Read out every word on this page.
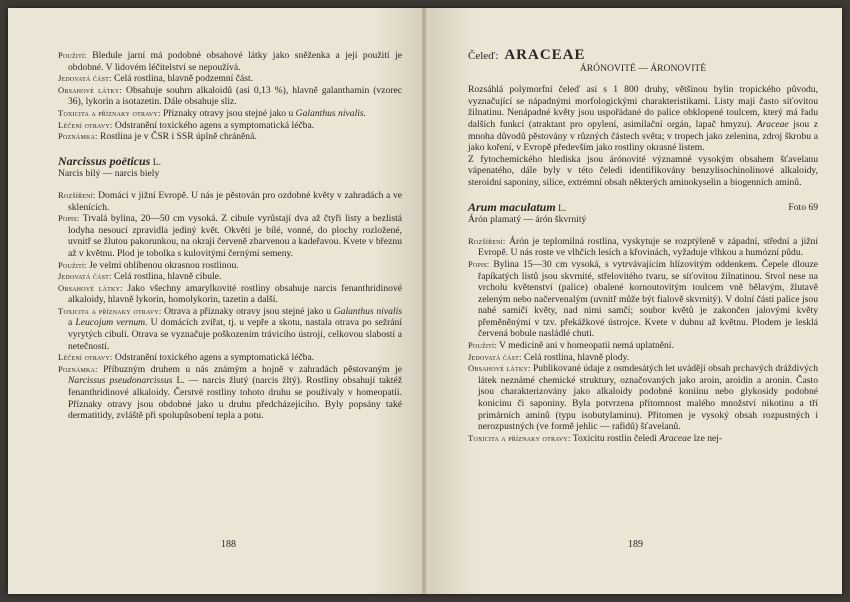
Použití: Bledule jarní má podobné obsahové látky jako sněženka a její použití je obdobné. V lidovém léčitelství se nepoužívá.

Jedovatá část: Celá rostlina, hlavně podzemní část.

Obsahové látky: Obsahuje souhrn alkaloidů (asi 0,13 %), hlavně galanthamin (vzorec 36), lykorin a isotazetin. Dále obsahuje sliz.

Toxicita a příznaky otravy: Příznaky otravy jsou stejné jako u Galanthus nivalis.

Léčení otravy: Odstranění toxického agens a symptomatická léčba.

Poznámka: Rostlina je v ČSR i SSR úplně chráněná.

Narcissus poëticus L.

Narcis bílý — narcis biely

Rozšíření: Domácí v jižní Evropě. U nás je pěstován pro ozdobné květy v zahradách a ve sklenících.

Popis: Trvalá bylina, 20—50 cm vysoká. Z cibule vyrůstají dva až čtyři listy a bezlistá lodyha nesoucí zpravidla jediný květ. Okvětí je bílé, vonné, do plochy rozložené, uvnitř se žlutou pakorunkou, na okraji červeně zbarvenou a kadeřavou. Kvete v březnu až v květnu. Plod je tobolka s kulovitými černými semeny.

Použití: Je velmi oblíbenou okrasnou rostlinou.

Jedovatá část: Celá rostlina, hlavně cibule.

Obsahové látky: Jako všechny amarylkovité rostliny obsahuje narcis fenanthridinové alkaloidy, hlavně lykorin, homolykorin, tazetin a další.

Toxicita a příznaky otravy: Otrava a příznaky otravy jsou stejné jako u Galanthus nivalis a Leucojum vernum. U domácích zvířat, tj. u vepře a skotu, nastala otrava po sežrání vyrytých cibulí. Otrava se vyznačuje poškozením trávicího ústrojí, celkovou slabostí a netečností.

Léčení otravy: Odstranění toxického agens a symptomatická léčba.

Poznámka: Příbuzným druhem u nás známým a hojně v zahradách pěstovaným je Narcissus pseudonarcissus L. — narcis žlutý (narcis žltý). Rostliny obsahují taktéž fenanthridinové alkaloidy. Čerstvé rostliny tohoto druhu se používaly v homeopatii. Příznaky otravy jsou obdobné jako u druhu předcházejícího. Byly popsány také dermatitidy, zvláště při spolupůsobení tepla a potu.

188

Čeleď: ARACEAE

ÁRÓNOVITÉ — ÁRONOVITÉ

Rozsáhlá polymorfní čeleď asi s 1 800 druhy, většinou bylin tropického původu, vyznačující se nápadnými morfologickými charakteristikami. Listy mají často síťovitou žilnatinu. Nenápadné květy jsou uspořádané do palice obklopené toulcem, který má řadu dalších funkcí (atraktant pro opylení, asimilační orgán, lapač hmyzu). Araceae jsou z mnoha důvodů pěstovány v různých částech světa; v tropech jako zelenina, zdroj škrobu a jako koření, v Evropě především jako rostliny okrasné listem.

Z fytochemického hlediska jsou árónovité významné vysokým obsahem šťavelanu vápenatého, dále byly v této čeledi identifikovány benzylisochinolinové alkaloidy, steroidní saponiny, silice, extrémní obsah některých aminokyselin a biogenních aminů.

Foto 69
Arum maculatum L.

Árón plamatý — árón škvrnitý

Rozšíření: Árón je teplomilná rostlina, vyskytuje se rozptýleně v západní, střední a jižní Evropě. U nás roste ve vlhčích lesích a křovinách, vyžaduje vlhkou a humózní půdu.

Popis: Bylina 15—30 cm vysoká, s vytrvávajícím hlízovitým oddenkem. Čepele dlouze řapíkatých listů jsou skvrnité, střelovitého tvaru, se síťovitou žilnatinou. Stvol nese na vrcholu květenství (palice) obalené kornoutovitým toulcem vně bělavým, žlutavě zeleným nebo načervenalým (uvnitř může být fialově skvrnitý). V dolní části palice jsou nahé samičí květy, nad nimi samčí; soubor květů je zakončen jalovými květy přeměněnými v tzv. překážkové ústrojce. Kvete v dubnu až květnu. Plodem je lesklá červená bobule nasládlé chuti.

Použití: V medicíně ani v homeopatii nemá uplatnění.

Jedovatá část: Celá rostlina, hlavně plody.

Obsahové látky: Publikované údaje z osmdesátých let uvádějí obsah prchavých dráždivých látek neznámé chemické struktury, označovaných jako aroin, aroidin a aronin. Často jsou charakterizovány jako alkaloidy podobné koniinu nebo glykosidy podobné konicinu či saponiny. Byla potvrzena přítomnost malého množství nikotinu a tří primárních aminů (typu isobutylaminu). Přitomen je vysoký obsah rozpustných i nerozpustných (ve formě jehlic — rafidů) šťavelanů.

Toxicita a příznaky otravy: Toxicitu rostlin čeledi Araceae lze nej-

189
